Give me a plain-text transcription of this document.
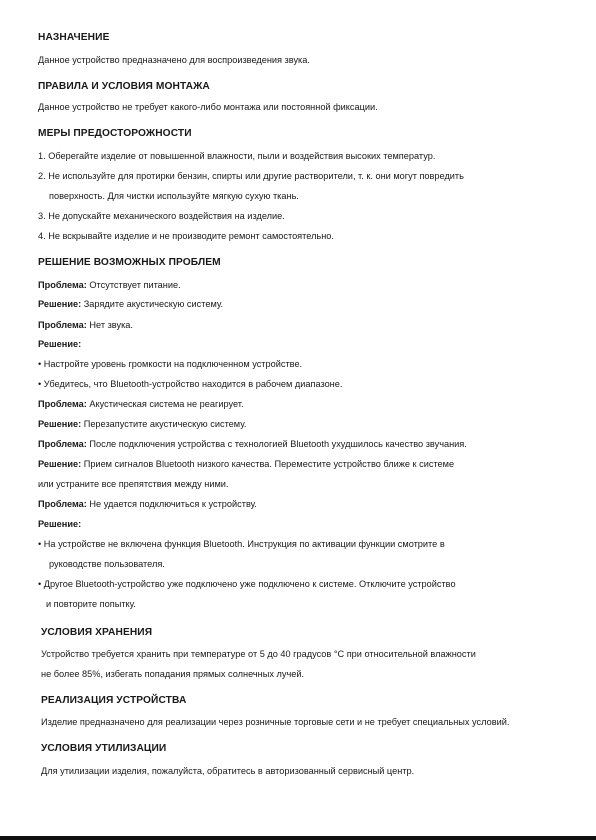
НАЗНАЧЕНИЕ
Данное устройство предназначено для воспроизведения звука.
ПРАВИЛА И УСЛОВИЯ МОНТАЖА
Данное устройство не требует какого-либо монтажа или постоянной фиксации.
МЕРЫ ПРЕДОСТОРОЖНОСТИ
1. Оберегайте изделие от повышенной влажности, пыли и воздействия высоких температур.
2. Не используйте для протирки бензин, спирты или другие растворители, т. к. они могут повредить
поверхность. Для чистки используйте мягкую сухую ткань.
3. Не допускайте механического воздействия на изделие.
4. Не вскрывайте изделие и не производите ремонт самостоятельно.
РЕШЕНИЕ ВОЗМОЖНЫХ ПРОБЛЕМ
Проблема: Отсутствует питание.
Решение: Зарядите акустическую систему.
Проблема: Нет звука.
Решение:
• Настройте уровень громкости на подключенном устройстве.
• Убедитесь, что Bluetooth-устройство находится в рабочем диапазоне.
Проблема: Акустическая система не реагирует.
Решение: Перезапустите акустическую систему.
Проблема: После подключения устройства с технологией Bluetooth ухудшилось качество звучания.
Решение: Прием сигналов Bluetooth низкого качества. Переместите устройство ближе к системе
или устраните все препятствия между ними.
Проблема: Не удается подключиться к устройству.
Решение:
• На устройстве не включена функция Bluetooth. Инструкция по активации функции смотрите в
руководстве пользователя.
• Другое Bluetooth-устройство уже подключено уже подключено к системе. Отключите устройство
и повторите попытку.
УСЛОВИЯ ХРАНЕНИЯ
Устройство требуется хранить при температуре от 5 до 40 градусов °С при относительной влажности
не более 85%, избегать попадания прямых солнечных лучей.
РЕАЛИЗАЦИЯ УСТРОЙСТВА
Изделие предназначено для реализации через розничные торговые сети и не требует специальных условий.
УСЛОВИЯ УТИЛИЗАЦИИ
Для утилизации изделия, пожалуйста, обратитесь в авторизованный сервисный центр.
